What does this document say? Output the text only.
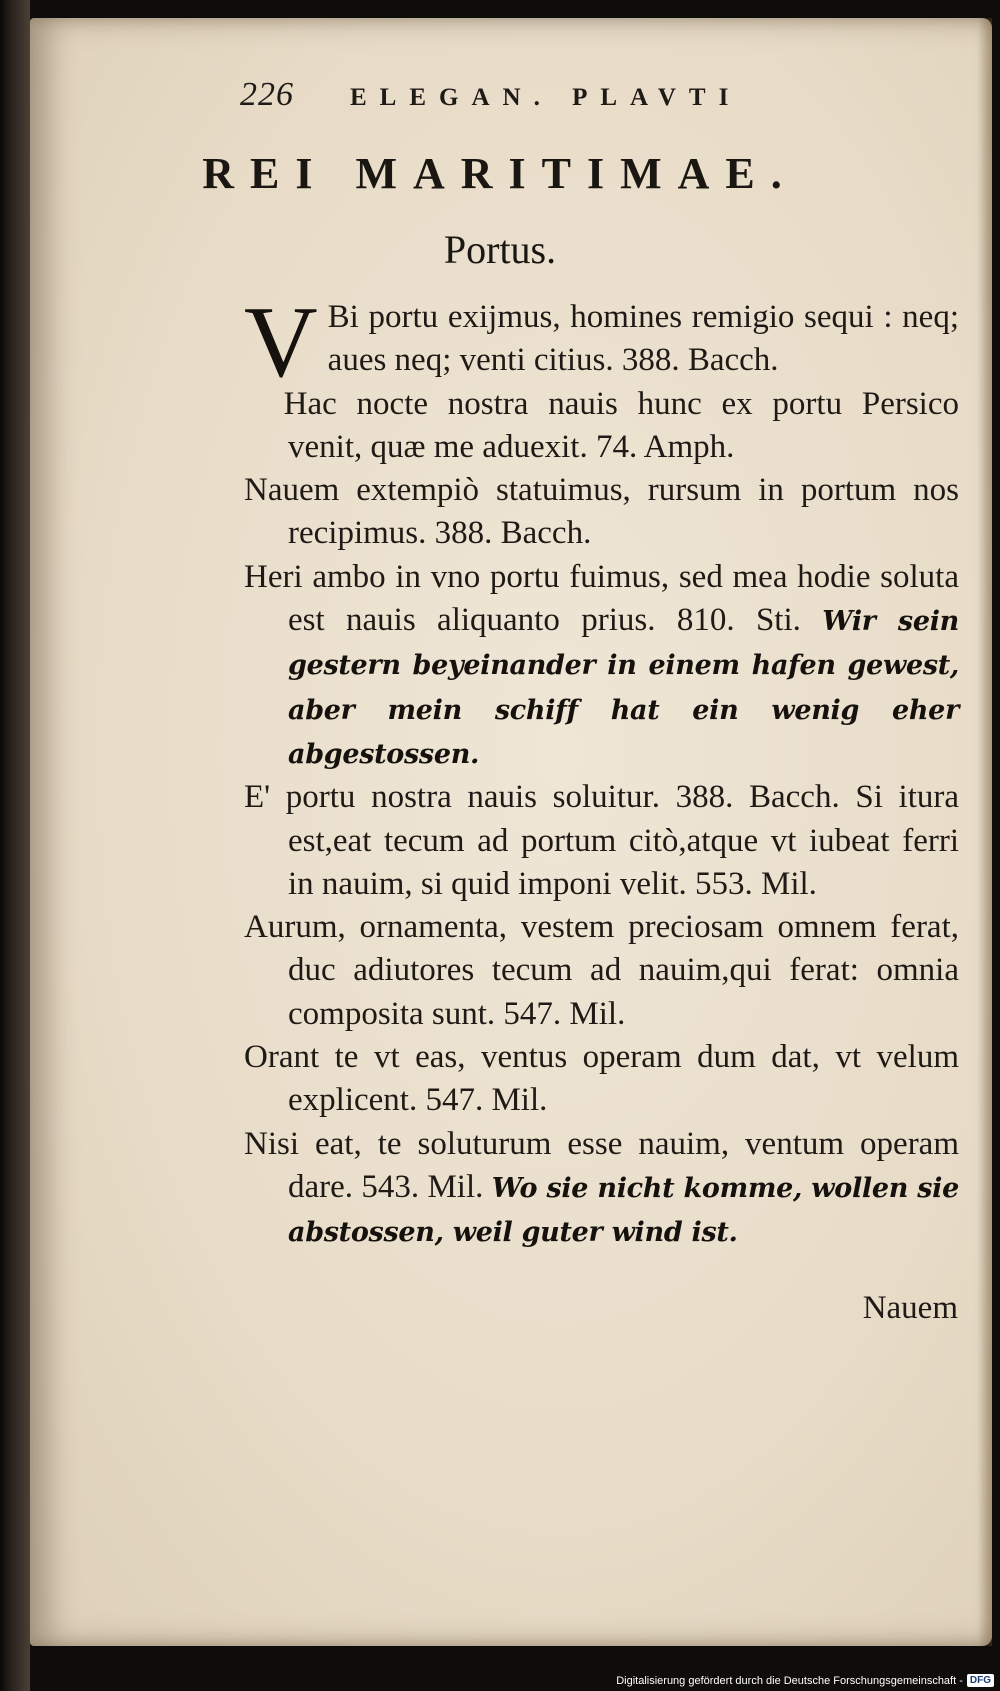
226	ELEGAN. PLAVTI
REI MARITIMAE.
Portus.

V Bi portu exijmus, homines remigio sequi : neq; aues neq; venti citius. 388. Bacch.

Hac nocte nostra nauis hunc ex portu Persico venit, quæ me aduexit. 74. Amph.

Nauem extempiò statuimus, rursum in portum nos recipimus. 388. Bacch.

Heri ambo in vno portu fuimus, sed mea hodie soluta est nauis aliquanto prius. 810. Sti. Wir sein gestern beyeinander in einem hafen gewest, aber mein schiff hat ein wenig eher abgestossen.

E' portu nostra nauis soluitur. 388. Bacch. Si itura est,eat tecum ad portum citò,atque vt iubeat ferri in nauim, si quid imponi velit. 553. Mil.

Aurum, ornamenta, vestem preciosam omnem ferat, duc adiutores tecum ad nauim,qui ferat: omnia composita sunt. 547. Mil.

Orant te vt eas, ventus operam dum dat, vt velum explicent. 547. Mil.

Nisi eat, te soluturum esse nauim, ventum operam dare. 543. Mil. Wo sie nicht komme, wollen sie abstossen, weil guter wind ist.

Nauem
Digitalisierung gefördert durch die Deutsche Forschungsgemeinschaft - DFG
